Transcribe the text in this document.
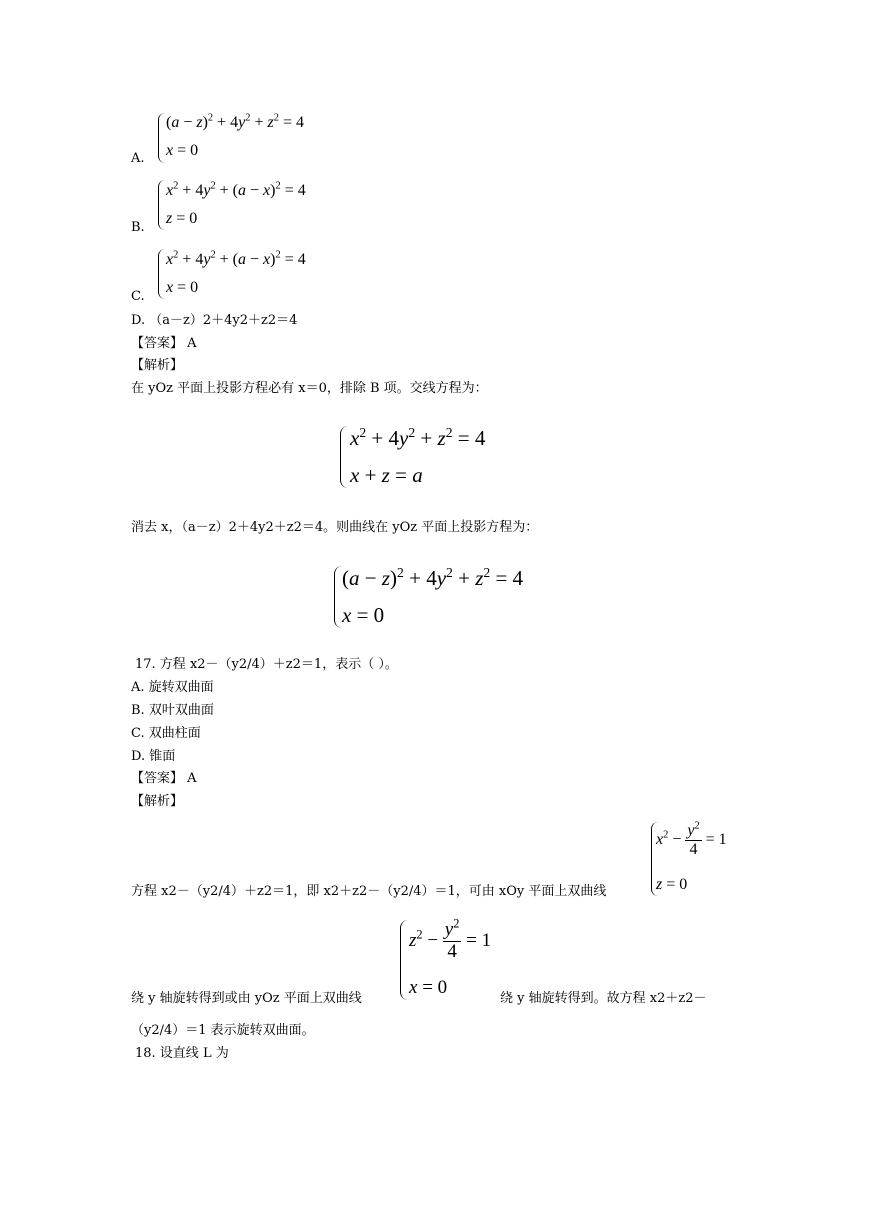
$(a - z)^2 + 4y^2 + z^2 = 4$
x = 0
A.
$x^2 + 4y^2 + (a - x)^2 = 4$
z = 0
B.
$x^2 + 4y^2 + (a - x)^2 = 4$
x = 0
C.
D. （a－z）2＋4y2＋z2＝4
【答案】 A
【解析】
在 yOz 平面上投影方程必有 x＝0，排除 B 项。交线方程为：
$x^2 + 4y^2 + z^2 = 4$
x + z = a
消去 x，（a－z）2＋4y2＋z2＝4。则曲线在 yOz 平面上投影方程为：
$(a - z)^2 + 4y^2 + z^2 = 4$
x = 0
17. 方程 x2－（y2/4）＋z2＝1，表示（ ）。
A. 旋转双曲面
B. 双叶双曲面
C. 双曲柱面
D. 锥面
【答案】 A
【解析】
$x^2 - \frac{y^2}{4} = 1$
z = 0
方程 x2－（y2/4）＋z2＝1，即 x2＋z2－（y2/4）＝1，可由 xOy 平面上双曲线
$z^2 - \frac{y^2}{4} = 1$
x = 0
绕 y 轴旋转得到或由 yOz 平面上双曲线	绕 y 轴旋转得到。故方程 x2＋z2－
（y2/4）＝1 表示旋转双曲面。
18. 设直线 L 为
